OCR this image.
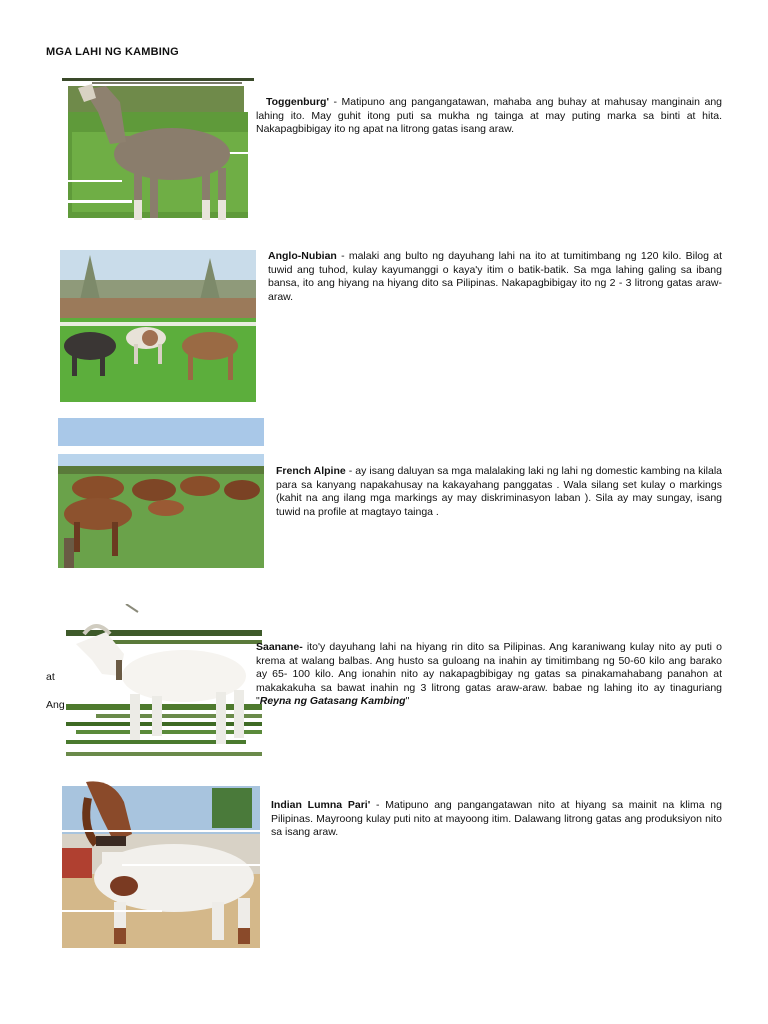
MGA LAHI NG KAMBING

Toggenburg' - Matipuno ang pangangatawan, mahaba ang buhay at mahusay manginain ang lahing ito. May guhit itong puti sa mukha ng tainga at may puting marka sa binti at hita. Nakapagbibigay ito ng apat na litrong gatas isang araw.

Anglo-Nubian - malaki ang bulto ng dayuhang lahi na ito at tumitimbang ng 120 kilo. Bilog at tuwid ang tuhod, kulay kayumanggi o kaya'y itim o batik-batik. Sa mga lahing galing sa ibang bansa, ito ang hiyang na hiyang dito sa Pilipinas. Nakapagbibigay ito ng 2 - 3 litrong gatas araw-araw.

French Alpine - ay isang daluyan sa mga malalaking laki ng lahi ng domestic kambing na kilala para sa kanyang napakahusay na kakayahang panggatas . Wala silang set kulay o markings (kahit na ang ilang mga markings ay may diskriminasyon laban ). Sila ay may sungay, isang tuwid na profile at magtayo tainga .

Saanane- ito'y dayuhang lahi na hiyang rin dito sa Pilipinas. Ang karaniwang kulay nito ay puti o krema at walang balbas. Ang husto sa guloang na inahin ay timitimbang ng 50-60 kilo ang barako ay 65- 100 kilo. Ang ionahin nito ay nakapagbibigay ng gatas sa pinakamahabang panahon at makakakuha sa bawat inahin ng 3 litrong gatas araw-araw. babae ng lahing ito ay tinaguriang "Reyna ng Gatasang Kambing"

at
Ang

Indian Lumna Pari' - Matipuno ang pangangatawan nito at hiyang sa mainit na klima ng Pilipinas. Mayroong kulay puti nito at mayoong itim. Dalawang litrong gatas ang produksiyon nito sa isang araw.
